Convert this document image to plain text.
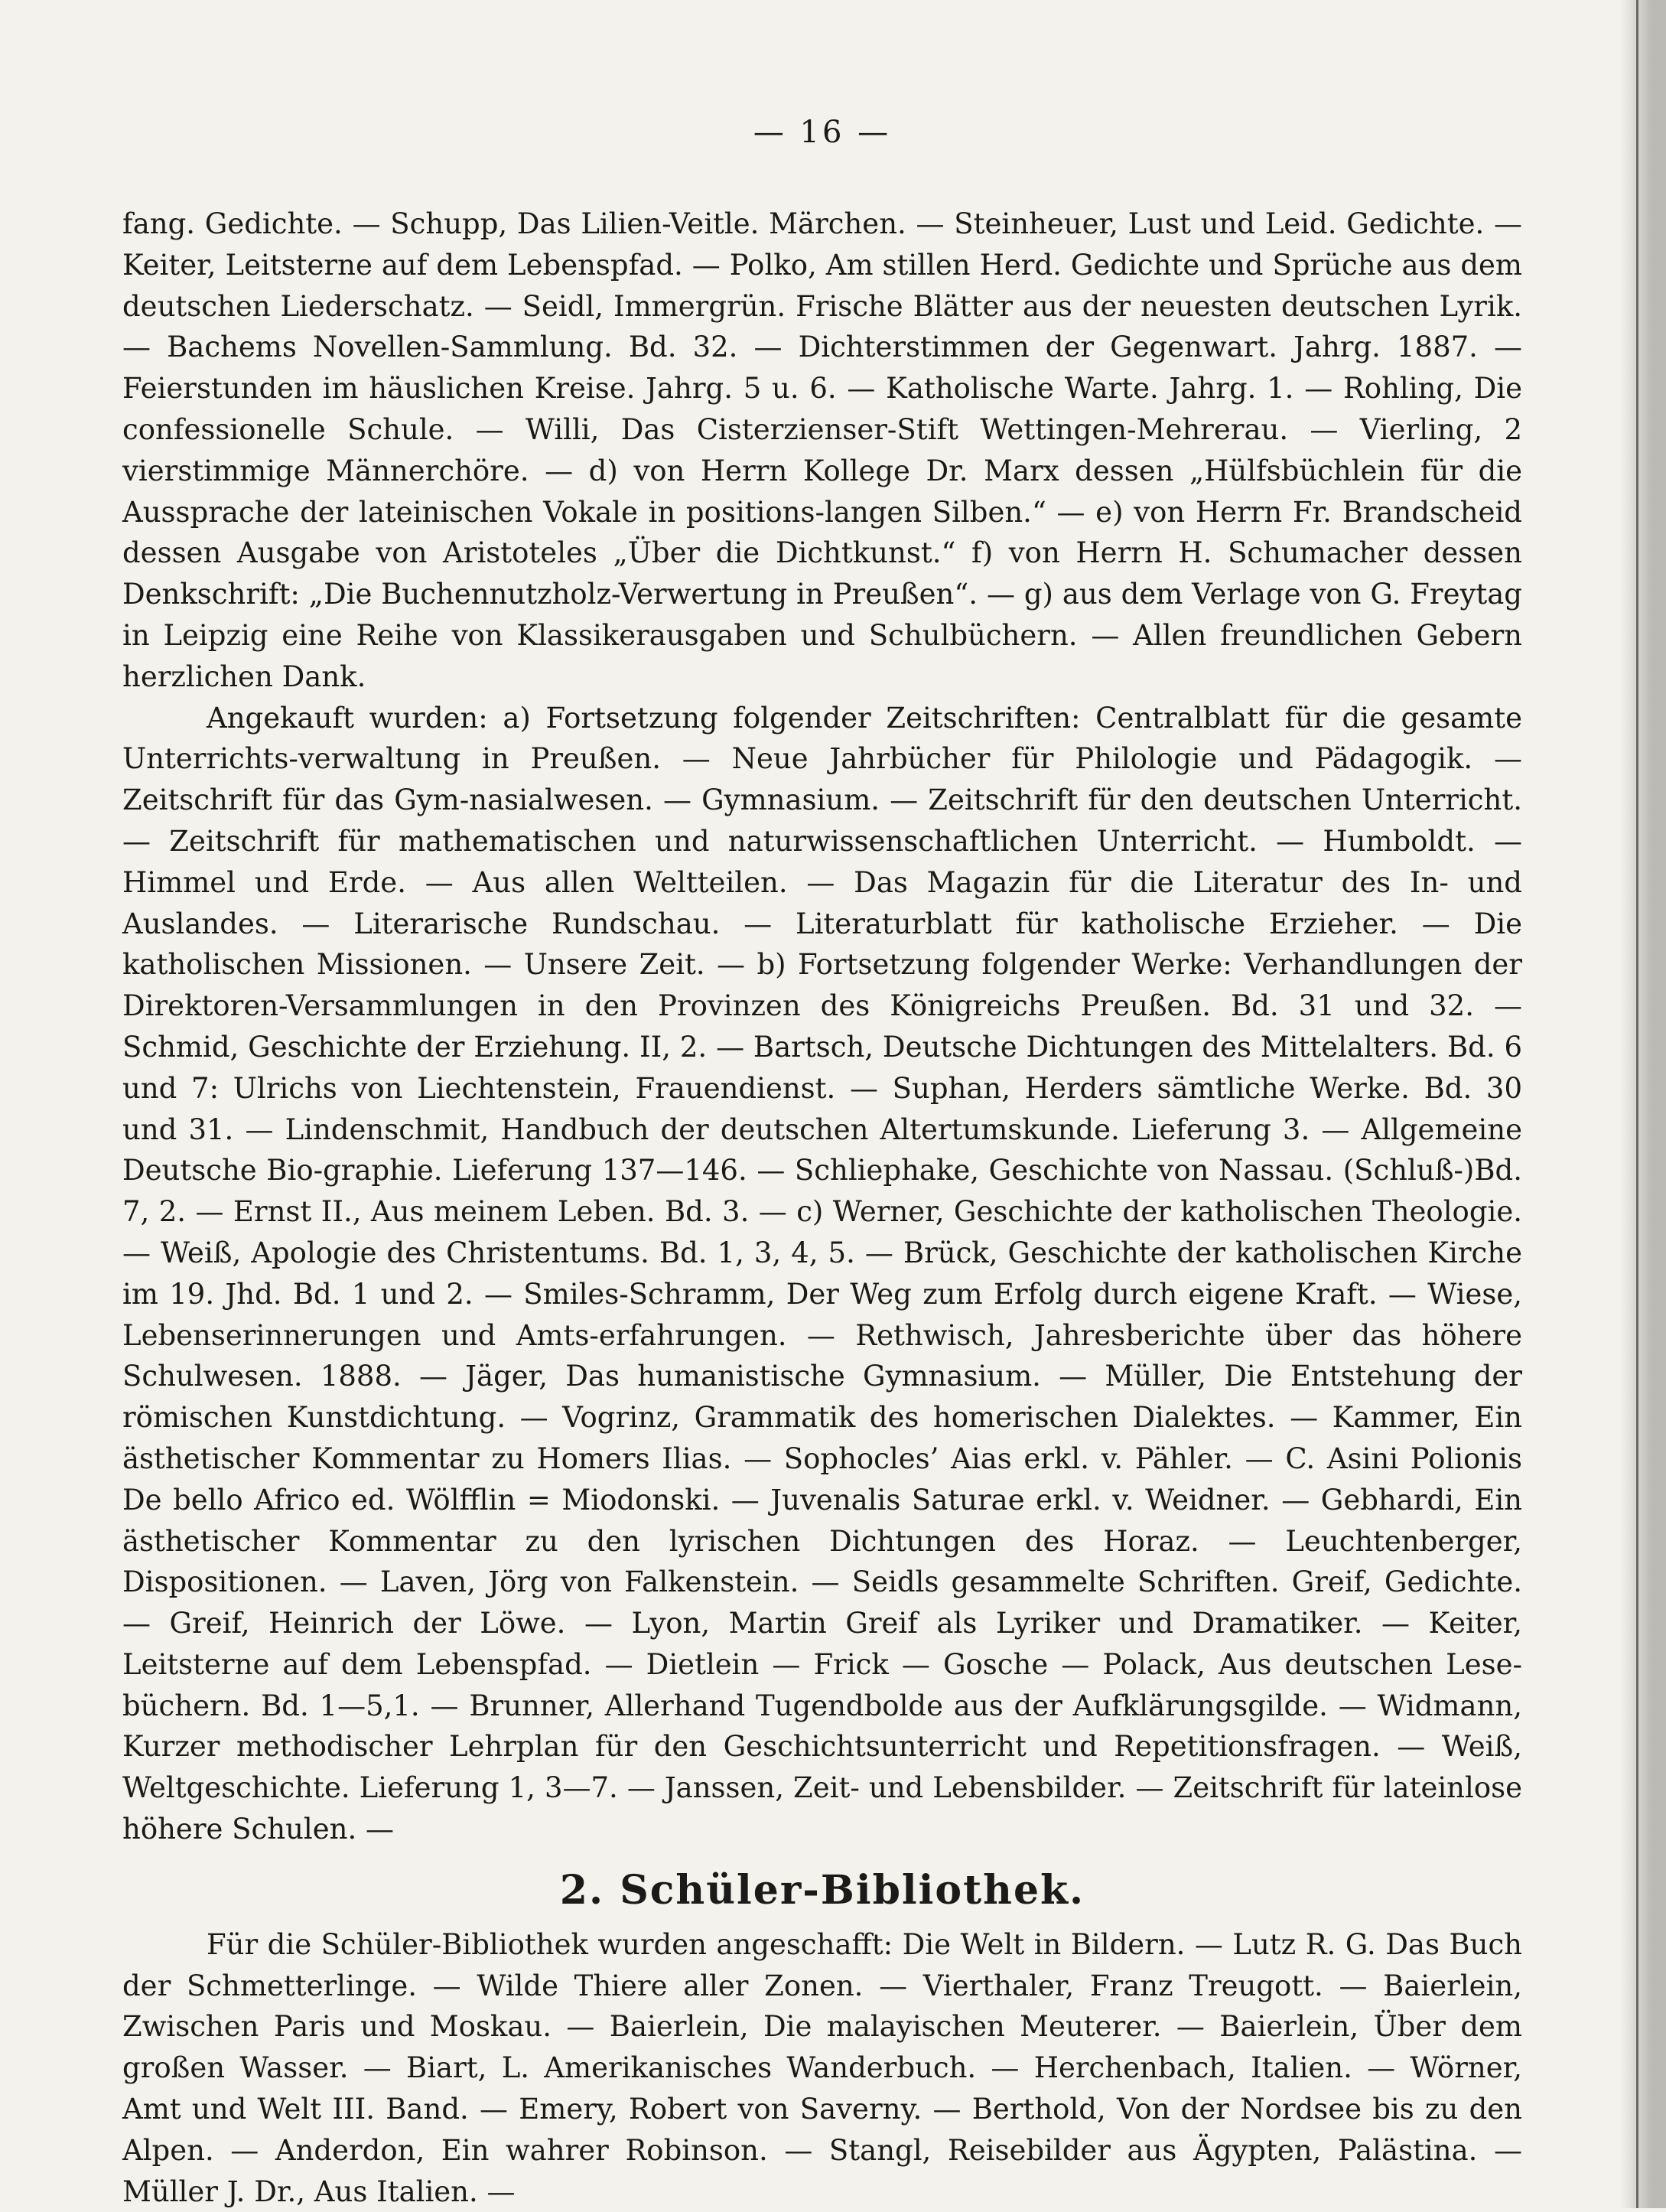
— 16 —

fang. Gedichte. — Schupp, Das Lilien-Veitle. Märchen. — Steinheuer, Lust und Leid. Gedichte. — Keiter, Leitsterne auf dem Lebenspfad. — Polko, Am stillen Herd. Gedichte und Sprüche aus dem deutschen Liederschatz. — Seidl, Immergrün. Frische Blätter aus der neuesten deutschen Lyrik. — Bachems Novellen-Sammlung. Bd. 32. — Dichterstimmen der Gegenwart. Jahrg. 1887. — Feierstunden im häuslichen Kreise. Jahrg. 5 u. 6. — Katholische Warte. Jahrg. 1. — Rohling, Die confessionelle Schule. — Willi, Das Cisterzienser-Stift Wettingen-Mehrerau. — Vierling, 2 vierstimmige Männerchöre. — d) von Herrn Kollege Dr. Marx dessen „Hülfsbüchlein für die Aussprache der lateinischen Vokale in positions-langen Silben.“ — e) von Herrn Fr. Brandscheid dessen Ausgabe von Aristoteles „Über die Dichtkunst.“ f) von Herrn H. Schumacher dessen Denkschrift: „Die Buchennutzholz-Verwertung in Preußen“. — g) aus dem Verlage von G. Freytag in Leipzig eine Reihe von Klassikerausgaben und Schulbüchern. — Allen freundlichen Gebern herzlichen Dank.

Angekauft wurden: a) Fortsetzung folgender Zeitschriften: Centralblatt für die gesamte Unterrichts-verwaltung in Preußen. — Neue Jahrbücher für Philologie und Pädagogik. — Zeitschrift für das Gym-nasialwesen. — Gymnasium. — Zeitschrift für den deutschen Unterricht. — Zeitschrift für mathematischen und naturwissenschaftlichen Unterricht. — Humboldt. — Himmel und Erde. — Aus allen Weltteilen. — Das Magazin für die Literatur des In- und Auslandes. — Literarische Rundschau. — Literaturblatt für katholische Erzieher. — Die katholischen Missionen. — Unsere Zeit. — b) Fortsetzung folgender Werke: Verhandlungen der Direktoren-Versammlungen in den Provinzen des Königreichs Preußen. Bd. 31 und 32. — Schmid, Geschichte der Erziehung. II, 2. — Bartsch, Deutsche Dichtungen des Mittelalters. Bd. 6 und 7: Ulrichs von Liechtenstein, Frauendienst. — Suphan, Herders sämtliche Werke. Bd. 30 und 31. — Lindenschmit, Handbuch der deutschen Altertumskunde. Lieferung 3. — Allgemeine Deutsche Bio-graphie. Lieferung 137—146. — Schliephake, Geschichte von Nassau. (Schluß-)Bd. 7, 2. — Ernst II., Aus meinem Leben. Bd. 3. — c) Werner, Geschichte der katholischen Theologie. — Weiß, Apologie des Christentums. Bd. 1, 3, 4, 5. — Brück, Geschichte der katholischen Kirche im 19. Jhd. Bd. 1 und 2. — Smiles-Schramm, Der Weg zum Erfolg durch eigene Kraft. — Wiese, Lebenserinnerungen und Amts-erfahrungen. — Rethwisch, Jahresberichte über das höhere Schulwesen. 1888. — Jäger, Das humanistische Gymnasium. — Müller, Die Entstehung der römischen Kunstdichtung. — Vogrinz, Grammatik des homerischen Dialektes. — Kammer, Ein ästhetischer Kommentar zu Homers Ilias. — Sophocles’ Aias erkl. v. Pähler. — C. Asini Polionis De bello Africo ed. Wölfflin = Miodonski. — Juvenalis Saturae erkl. v. Weidner. — Gebhardi, Ein ästhetischer Kommentar zu den lyrischen Dichtungen des Horaz. — Leuchtenberger, Dispositionen. — Laven, Jörg von Falkenstein. — Seidls gesammelte Schriften. Greif, Gedichte. — Greif, Heinrich der Löwe. — Lyon, Martin Greif als Lyriker und Dramatiker. — Keiter, Leitsterne auf dem Lebenspfad. — Dietlein — Frick — Gosche — Polack, Aus deutschen Lese-büchern. Bd. 1—5,1. — Brunner, Allerhand Tugendbolde aus der Aufklärungsgilde. — Widmann, Kurzer methodischer Lehrplan für den Geschichtsunterricht und Repetitionsfragen. — Weiß, Weltgeschichte. Lieferung 1, 3—7. — Janssen, Zeit- und Lebensbilder. — Zeitschrift für lateinlose höhere Schulen. —

2. Schüler-Bibliothek.

Für die Schüler-Bibliothek wurden angeschafft: Die Welt in Bildern. — Lutz R. G. Das Buch der Schmetterlinge. — Wilde Thiere aller Zonen. — Vierthaler, Franz Treugott. — Baierlein, Zwischen Paris und Moskau. — Baierlein, Die malayischen Meuterer. — Baierlein, Über dem großen Wasser. — Biart, L. Amerikanisches Wanderbuch. — Herchenbach, Italien. — Wörner, Amt und Welt III. Band. — Emery, Robert von Saverny. — Berthold, Von der Nordsee bis zu den Alpen. — Anderdon, Ein wahrer Robinson. — Stangl, Reisebilder aus Ägypten, Palästina. — Müller J. Dr., Aus Italien. —
